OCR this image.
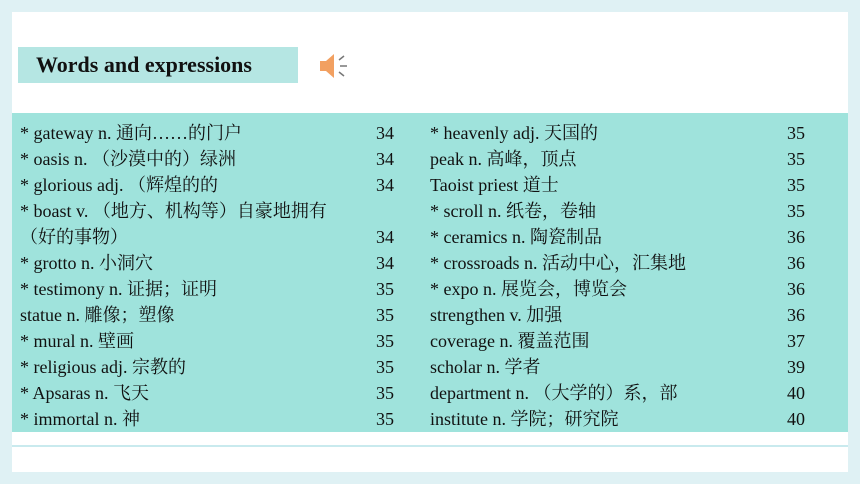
Words and expressions
* gateway n. 通向……的门户	34
* oasis n. （沙漠中的）绿洲	34
* glorious adj. （辉煌的的	34
* boast v. （地方、机构等）自豪地拥有
（好的事物）	34
* grotto n. 小洞穴	34
* testimony n. 证据；证明	35
statue n. 雕像；塑像	35
* mural n. 壁画	35
* religious adj. 宗教的	35
* Apsaras n. 飞天	35
* immortal n. 神	35
* heavenly adj. 天国的	35
peak n. 高峰，顶点	35
Taoist priest 道士	35
* scroll n. 纸卷，卷轴	35
* ceramics n. 陶瓷制品	36
* crossroads n. 活动中心，汇集地	36
* expo n. 展览会，博览会	36
strengthen v. 加强	36
coverage n. 覆盖范围	37
scholar n. 学者	39
department n. （大学的）系，部	40
institute n. 学院；研究院	40
